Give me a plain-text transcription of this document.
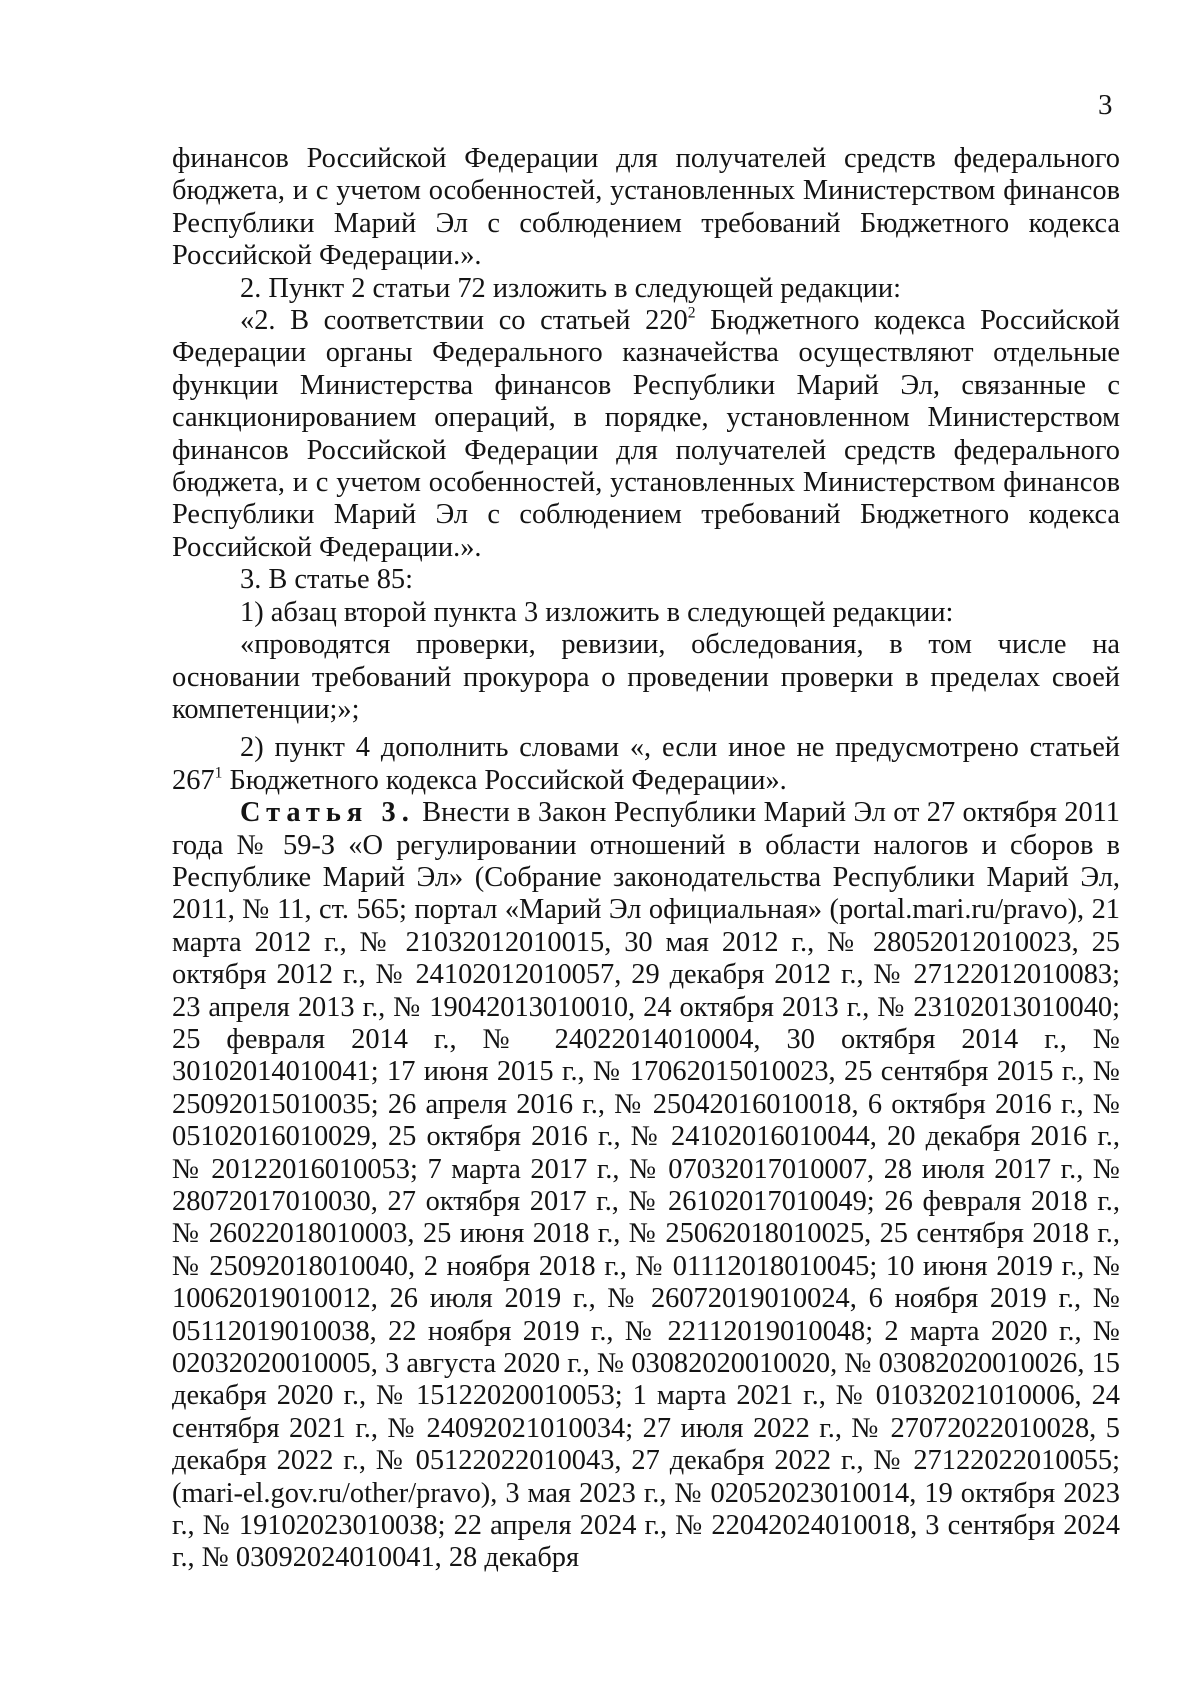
3

финансов Российской Федерации для получателей средств федерального бюджета, и с учетом особенностей, установленных Министерством финансов Республики Марий Эл с соблюдением требований Бюджетного кодекса Российской Федерации.».

2. Пункт 2 статьи 72 изложить в следующей редакции:

«2. В соответствии со статьей $220^2$ Бюджетного кодекса Российской Федерации органы Федерального казначейства осуществляют отдельные функции Министерства финансов Республики Марий Эл, связанные с санкционированием операций, в порядке, установленном Министерством финансов Российской Федерации для получателей средств федерального бюджета, и с учетом особенностей, установленных Министерством финансов Республики Марий Эл с соблюдением требований Бюджетного кодекса Российской Федерации.».

3. В статье 85:

1) абзац второй пункта 3 изложить в следующей редакции:

«проводятся проверки, ревизии, обследования, в том числе на основании требований прокурора о проведении проверки в пределах своей компетенции;»;

2) пункт 4 дополнить словами «, если иное не предусмотрено статьей $267^1$ Бюджетного кодекса Российской Федерации».

Статья 3. Внести в Закон Республики Марий Эл от 27 октября 2011 года № 59-З «О регулировании отношений в области налогов и сборов в Республике Марий Эл» (Собрание законодательства Республики Марий Эл, 2011, № 11, ст. 565; портал «Марий Эл официальная» (portal.mari.ru/pravo), 21 марта 2012 г., № 21032012010015, 30 мая 2012 г., № 28052012010023, 25 октября 2012 г., № 24102012010057, 29 декабря 2012 г., № 27122012010083; 23 апреля 2013 г., № 19042013010010, 24 октября 2013 г., № 23102013010040; 25 февраля 2014 г., № 24022014010004, 30 октября 2014 г., № 30102014010041; 17 июня 2015 г., № 17062015010023, 25 сентября 2015 г., № 25092015010035; 26 апреля 2016 г., № 25042016010018, 6 октября 2016 г., № 05102016010029, 25 октября 2016 г., № 24102016010044, 20 декабря 2016 г., № 20122016010053; 7 марта 2017 г., № 07032017010007, 28 июля 2017 г., № 28072017010030, 27 октября 2017 г., № 26102017010049; 26 февраля 2018 г., № 26022018010003, 25 июня 2018 г., № 25062018010025, 25 сентября 2018 г., № 25092018010040, 2 ноября 2018 г., № 01112018010045; 10 июня 2019 г., № 10062019010012, 26 июля 2019 г., № 26072019010024, 6 ноября 2019 г., № 05112019010038, 22 ноября 2019 г., № 22112019010048; 2 марта 2020 г., № 02032020010005, 3 августа 2020 г., № 03082020010020, № 03082020010026, 15 декабря 2020 г., № 15122020010053; 1 марта 2021 г., № 01032021010006, 24 сентября 2021 г., № 24092021010034; 27 июля 2022 г., № 27072022010028, 5 декабря 2022 г., № 05122022010043, 27 декабря 2022 г., № 27122022010055; (mari-el.gov.ru/other/pravo), 3 мая 2023 г., № 02052023010014, 19 октября 2023 г., № 19102023010038; 22 апреля 2024 г., № 22042024010018, 3 сентября 2024 г., № 03092024010041, 28 декабря
